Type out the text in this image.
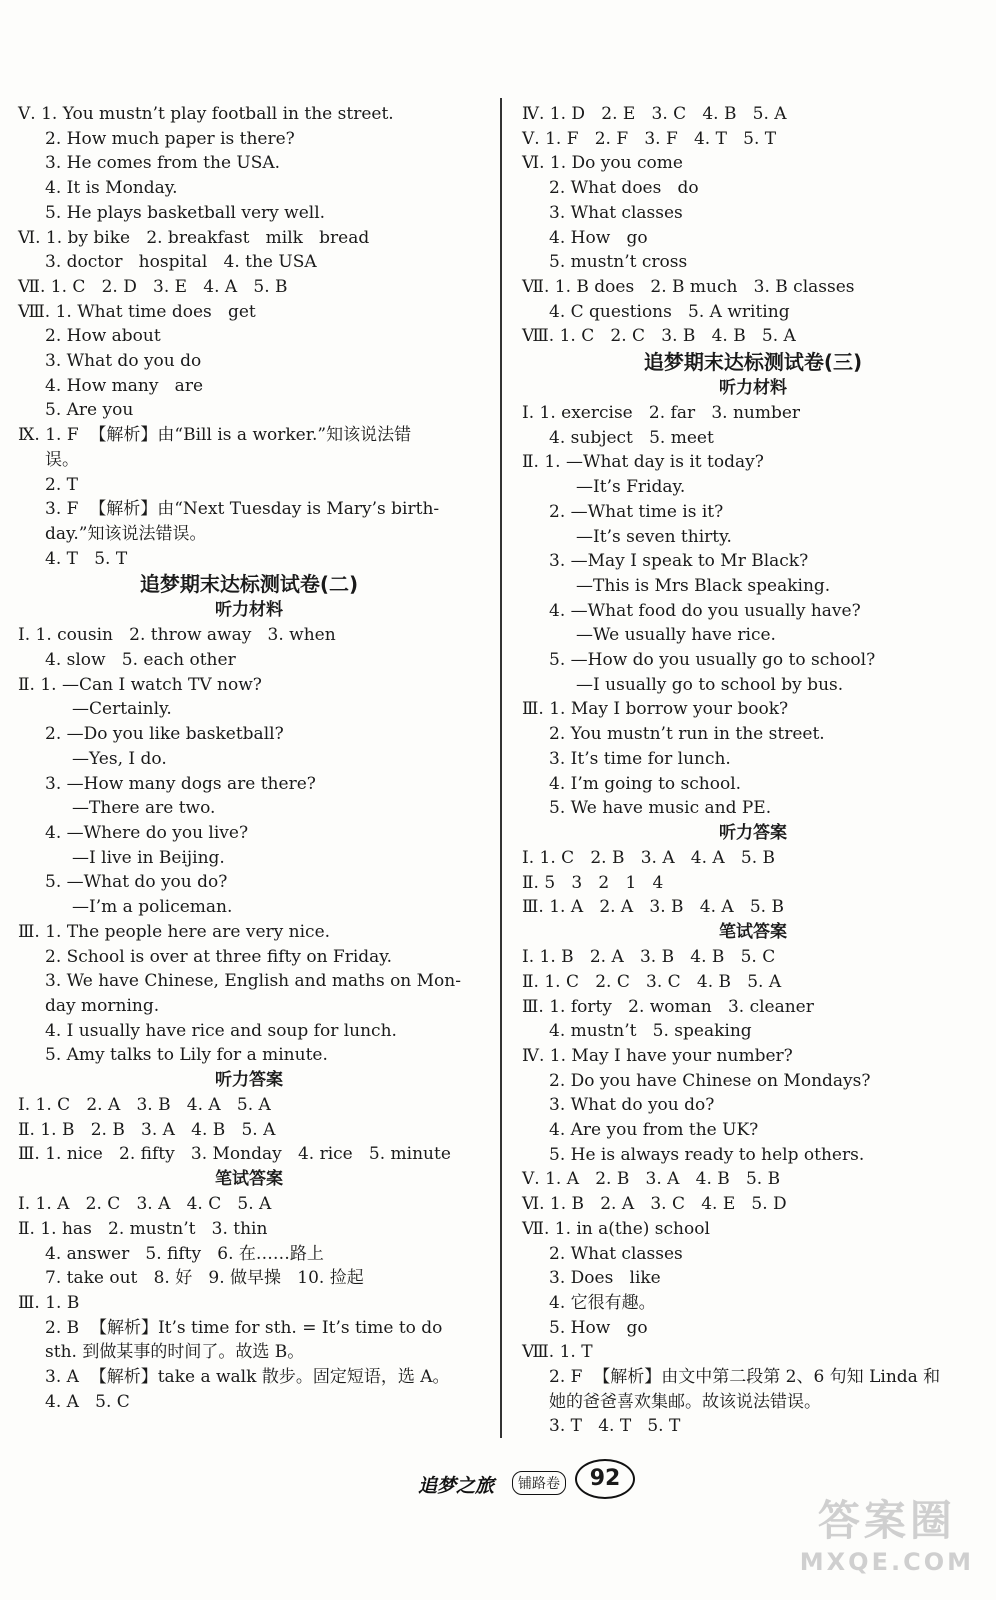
Ⅴ. 1. You mustn’t play football in the street.
2. How much paper is there?
3. He comes from the USA.
4. It is Monday.
5. He plays basketball very well.
Ⅵ. 1. by bike   2. breakfast   milk   bread
3. doctor   hospital   4. the USA
Ⅶ. 1. C   2. D   3. E   4. A   5. B
Ⅷ. 1. What time does   get
2. How about
3. What do you do
4. How many   are
5. Are you
Ⅸ. 1. F  【解析】由“Bill is a worker.”知该说法错
误。
2. T
3. F  【解析】由“Next Tuesday is Mary’s birth-
day.”知该说法错误。
4. T   5. T
追梦期末达标测试卷(二)
听力材料
Ⅰ. 1. cousin   2. throw away   3. when
4. slow   5. each other
Ⅱ. 1. —Can I watch TV now?
—Certainly.
2. —Do you like basketball?
—Yes, I do.
3. —How many dogs are there?
—There are two.
4. —Where do you live?
—I live in Beijing.
5. —What do you do?
—I’m a policeman.
Ⅲ. 1. The people here are very nice.
2. School is over at three fifty on Friday.
3. We have Chinese, English and maths on Mon-
day morning.
4. I usually have rice and soup for lunch.
5. Amy talks to Lily for a minute.
听力答案
Ⅰ. 1. C   2. A   3. B   4. A   5. A
Ⅱ. 1. B   2. B   3. A   4. B   5. A
Ⅲ. 1. nice   2. fifty   3. Monday   4. rice   5. minute
笔试答案
Ⅰ. 1. A   2. C   3. A   4. C   5. A
Ⅱ. 1. has   2. mustn’t   3. thin
4. answer   5. fifty   6. 在……路上
7. take out   8. 好   9. 做早操   10. 捡起
Ⅲ. 1. B
2. B  【解析】It’s time for sth. = It’s time to do
sth. 到做某事的时间了。故选 B。
3. A  【解析】take a walk 散步。固定短语，选 A。
4. A   5. C
Ⅳ. 1. D   2. E   3. C   4. B   5. A
Ⅴ. 1. F   2. F   3. F   4. T   5. T
Ⅵ. 1. Do you come
2. What does   do
3. What classes
4. How   go
5. mustn’t cross
Ⅶ. 1. B does   2. B much   3. B classes
4. C questions   5. A writing
Ⅷ. 1. C   2. C   3. B   4. B   5. A
追梦期末达标测试卷(三)
听力材料
Ⅰ. 1. exercise   2. far   3. number
4. subject   5. meet
Ⅱ. 1. —What day is it today?
—It’s Friday.
2. —What time is it?
—It’s seven thirty.
3. —May I speak to Mr Black?
—This is Mrs Black speaking.
4. —What food do you usually have?
—We usually have rice.
5. —How do you usually go to school?
—I usually go to school by bus.
Ⅲ. 1. May I borrow your book?
2. You mustn’t run in the street.
3. It’s time for lunch.
4. I’m going to school.
5. We have music and PE.
听力答案
Ⅰ. 1. C   2. B   3. A   4. A   5. B
Ⅱ. 5   3   2   1   4
Ⅲ. 1. A   2. A   3. B   4. A   5. B
笔试答案
Ⅰ. 1. B   2. A   3. B   4. B   5. C
Ⅱ. 1. C   2. C   3. C   4. B   5. A
Ⅲ. 1. forty   2. woman   3. cleaner
4. mustn’t   5. speaking
Ⅳ. 1. May I have your number?
2. Do you have Chinese on Mondays?
3. What do you do?
4. Are you from the UK?
5. He is always ready to help others.
Ⅴ. 1. A   2. B   3. A   4. B   5. B
Ⅵ. 1. B   2. A   3. C   4. E   5. D
Ⅶ. 1. in a(the) school
2. What classes
3. Does   like
4. 它很有趣。
5. How   go
Ⅷ. 1. T
2. F  【解析】由文中第二段第 2、6 句知 Linda 和
她的爸爸喜欢集邮。故该说法错误。
3. T   4. T   5. T
追梦之旅	铺路卷	92
答案圈
MXQE.COM
